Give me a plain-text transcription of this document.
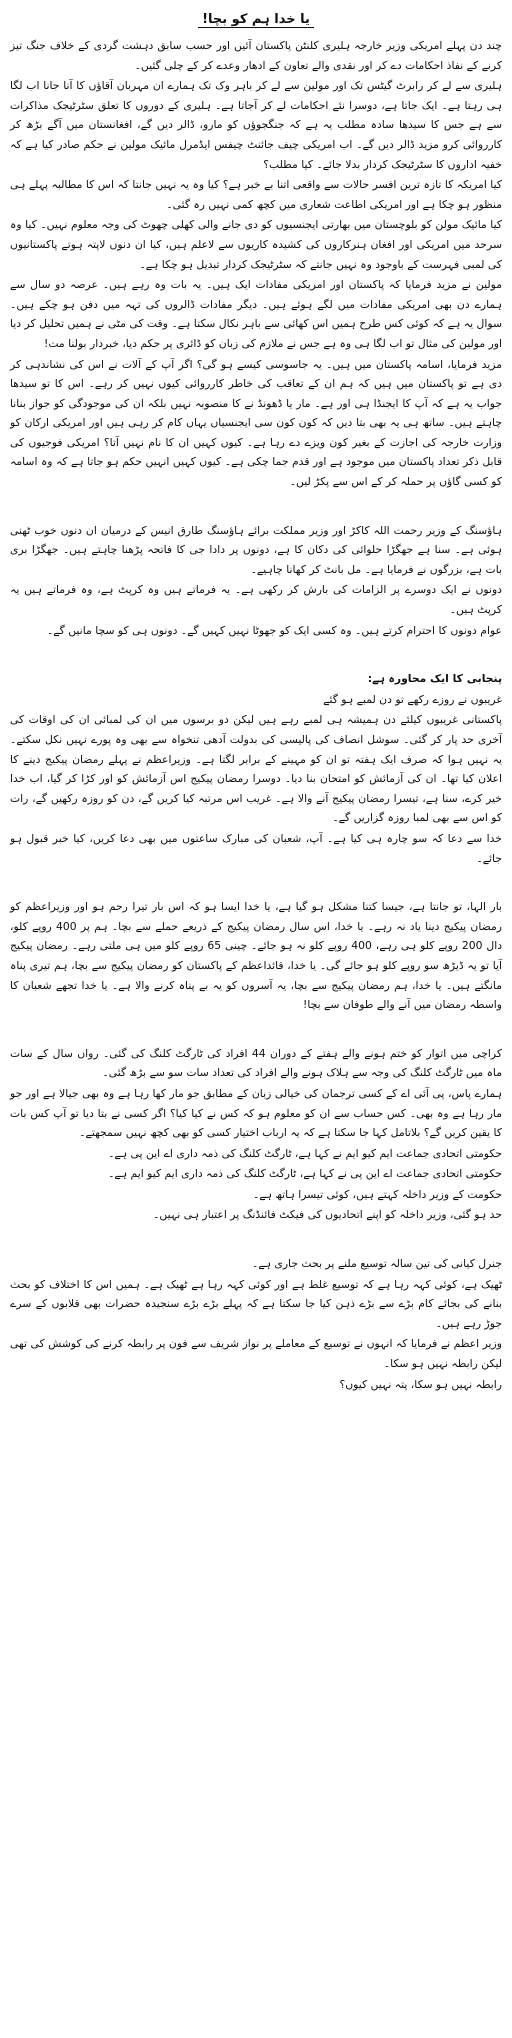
یا خدا ہم کو بچا!

چند دن پہلے امریکی وزیر خارجہ ہلیری کلنٹن پاکستان آئیں اور حسب سابق دہشت گردی کے خلاف جنگ تیز کرنے کے نفاذ احکامات دے کر اور نقدی والے تعاون کے ادھار وعدے کر کے چلی گئیں۔

ہلیری سے لے کر رابرٹ گیٹس تک اور مولین سے لے کر باہر وک تک ہمارے ان مہربان آقاؤں کا آنا جانا اب لگا ہی رہتا ہے۔ ایک جاتا ہے، دوسرا نئے احکامات لے کر آجاتا ہے۔ ہلیری کے دوروں کا تعلق سٹرٹیجک مذاکرات سے ہے جس کا سیدھا سادہ مطلب یہ ہے کہ جنگجوؤں کو مارو، ڈالر دیں گے، افغانستان میں آگے بڑھ کر کارروائی کرو مزید ڈالر دیں گے۔ اب امریکی چیف جائنٹ چیفس ایڈمرل مائیک مولین نے حکم صادر کیا ہے کہ خفیہ اداروں کا سٹرٹیجک کردار بدلا جائے۔ کیا مطلب؟

کیا امریکہ کا تازہ ترین افسر حالات سے واقعی اتنا بے خبر ہے؟ کیا وہ یہ نہیں جانتا کہ اس کا مطالبہ پہلے ہی منظور ہو چکا ہے اور امریکی اطاعت شعاری میں کچھ کمی نہیں رہ گئی۔

کیا مائیک مولن کو بلوچستان میں بھارتی ایجنسیوں کو دی جانے والی کھلی چھوٹ کی وجہ معلوم نہیں۔ کیا وہ سرحد میں امریکی اور افغان ہنرکاروں کی کشیدہ کاریوں سے لاعلم ہیں، کیا ان دنوں لاپتہ ہوتے پاکستانیوں کی لمبی فہرست کے باوجود وہ نہیں جانتے کہ سٹرٹیجک کردار تبدیل ہو چکا ہے۔

مولین نے مزید فرمایا کہ پاکستان اور امریکی مفادات ایک ہیں۔ یہ بات وہ رہے ہیں۔ عرصہ دو سال سے ہمارے دن بھی امریکی مفادات میں لگے ہوئے ہیں۔ دیگر مفادات ڈالروں کی تہہ میں دفن ہو چکے ہیں۔ سوال یہ ہے کہ کوئی کس طرح ہمیں اس کھائی سے باہر نکال سکتا ہے۔ وقت کی مٹی نے ہمیں تحلیل کر دیا اور مولین کی مثال تو اب لگا ہی وہ ہے جس نے ملازم کی زبان کو ڈائری پر حکم دیا، خبردار بولنا مت!

مزید فرمایا، اسامہ پاکستان میں ہیں۔ یہ جاسوسی کیسے ہو گی؟ اگر آپ کے آلات نے اس کی نشاندہی کر دی ہے تو پاکستان میں ہیں کہ ہم ان کے تعاقب کی خاطر کارروائی کیوں نہیں کر رہے۔ اس کا تو سیدھا جواب یہ ہے کہ آپ کا ایجنڈا ہی اور ہے۔ مار یا ڈھونڈ نے کا منصوبہ نہیں بلکہ ان کی موجودگی کو جواز بنانا چاہتے ہیں۔ ساتھ ہی یہ بھی بتا دیں کہ کون کون سی ایجنسیاں یہاں کام کر رہی ہیں اور امریکی ارکان کو وزارت خارجہ کی اجازت کے بغیر کون ویزے دے رہا ہے۔ کیوں کہیں ان کا نام نہیں آتا؟ امریکی فوجیوں کی قابل ذکر تعداد پاکستان میں موجود ہے اور قدم جما چکی ہے۔ کیوں کہیں انہیں حکم ہو جاتا ہے کہ وہ اسامہ کو کسی گاؤں پر حملہ کر کے اس سے پکڑ لیں۔

ہاؤسنگ کے وزیر رحمت اللہ کاکڑ اور وزیر مملکت برائے ہاؤسنگ طارق انیس کے درمیان ان دنوں خوب ٹھنی ہوئی ہے۔ سنا ہے جھگڑا حلوائی کی دکان کا ہے، دونوں پر دادا جی کا فاتحہ پڑھنا چاہتے ہیں۔ جھگڑا بری بات ہے، بزرگوں نے فرمایا ہے۔ مل بانٹ کر کھانا چاہیے۔

دونوں نے ایک دوسرے پر الزامات کی بارش کر رکھی ہے۔ یہ فرماتے ہیں وہ کرپٹ ہے، وہ فرماتے ہیں یہ کرپٹ ہیں۔

عوام دونوں کا احترام کرتے ہیں۔ وہ کسی ایک کو جھوٹا نہیں کہیں گے۔ دونوں ہی کو سچا مانیں گے۔

پنجابی کا ایک محاورہ ہے:

غریبوں نے روزے رکھے تو دن لمبے ہو گئے

پاکستانی غریبوں کیلئے دن ہمیشہ ہی لمبے رہے ہیں لیکن دو برسوں میں ان کی لمبائی ان کی اوقات کی آخری حد پار کر گئی۔ سوشل انصاف کی پالیسی کی بدولت آدھی تنخواہ سے بھی وہ پورے نہیں نکل سکتے۔ یہ نہیں ہوا کہ صرف ایک ہفتہ تو ان کو مہینے کے برابر لگتا ہے۔ وزیراعظم نے پہلے رمضان پیکیج دینے کا اعلان کیا تھا۔ ان کی آزمائش کو امتحان بنا دیا۔ دوسرا رمضان پیکیج اس آزمائش کو اور کڑا کر گیا، اب خدا خیر کرے، سنا ہے، تیسرا رمضان پیکیج آنے والا ہے۔ غریب اس مرتبہ کیا کریں گے، دن کو روزہ رکھیں گے، رات کو اس سے بھی لمبا روزہ گزاریں گے۔

خدا سے دعا کہ سو چارہ ہی کیا ہے۔ آپ، شعبان کی مبارک ساعتوں میں بھی دعا کریں، کیا خبر قبول ہو جائے۔

بار الہا، تو جانتا ہے، جیسا کتنا مشکل ہو گیا ہے، یا خدا ایسا ہو کہ اس بار تیرا رحم ہو اور وزیراعظم کو رمضان پیکیج دینا یاد نہ رہے۔ یا خدا، اس سال رمضان پیکیج کے ذریعے حملے سے بچا۔ ہم پر 400 روپے کلو، دال 200 روپے کلو ہی رہے، 400 روپے کلو نہ ہو جائے۔ چینی 65 روپے کلو میں ہی ملتی رہے۔ رمضان پیکیج آیا تو یہ ڈیڑھ سو روپے کلو ہو جائے گی۔ یا خدا، قائداعظم کے پاکستان کو رمضان پیکیج سے بچا، ہم تیری پناہ مانگتے ہیں۔ یا خدا، ہم رمضان پیکیج سے بچا، یہ آسروں کو یہ بے پناہ کرنے والا ہے۔ یا خدا تجھے شعبان کا واسطہ رمضان میں آنے والے طوفان سے بچا!

کراچی میں اتوار کو ختم ہونے والے ہفتے کے دوران 44 افراد کی ٹارگٹ کلنگ کی گئی۔ رواں سال کے سات ماہ میں ٹارگٹ کلنگ کی وجہ سے ہلاک ہونے والے افراد کی تعداد سات سو سے بڑھ گئی۔

ہمارے پاس، پی آئی اے کے کسی ترجمان کی خیالی زبان کے مطابق جو مار کھا رہا ہے وہ بھی جیالا ہے اور جو مار رہا ہے وہ بھی۔ کس حساب سے ان کو معلوم ہو کہ کس نے کیا کیا؟ اگر کسی نے بتا دیا تو آپ کس بات کا یقین کریں گے؟ بلاتامل کہا جا سکتا ہے کہ یہ ارباب اختیار کسی کو بھی کچھ نہیں سمجھتے۔

حکومتی اتحادی جماعت ایم کیو ایم نے کہا ہے، ٹارگٹ کلنگ کی ذمہ داری اے این پی ہے۔

حکومتی اتحادی جماعت اے این پی نے کہا ہے، ٹارگٹ کلنگ کی ذمہ داری ایم کیو ایم ہے۔

حکومت کے وزیر داخلہ کہتے ہیں، کوئی تیسرا ہاتھ ہے۔

حد ہو گئی، وزیر داخلہ کو اپنے اتحادیوں کی فیکٹ فائنڈنگ پر اعتبار ہی نہیں۔

جنرل کیانی کی تین سالہ توسیع ملنے پر بحث جاری ہے۔

ٹھیک ہے، کوئی کہہ رہا ہے کہ توسیع غلط ہے اور کوئی کہہ رہا ہے ٹھیک ہے۔ ہمیں اس کا اختلاف کو بحث بنانے کی بجائے کام بڑے سے بڑے ذہن کیا جا سکتا ہے کہ پہلے بڑے بڑے سنجیدہ حضرات بھی قلابوں کے سرے جوڑ رہے ہیں۔

وزیر اعظم نے فرمایا کہ انہوں نے توسیع کے معاملے پر نواز شریف سے فون پر رابطہ کرنے کی کوشش کی تھی لیکن رابطہ نہیں ہو سکا۔

رابطہ نہیں ہو سکا، پتہ نہیں کیوں؟
